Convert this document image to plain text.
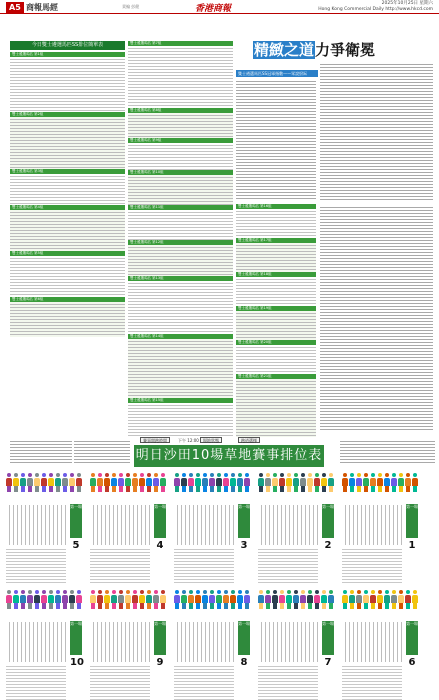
A5 商報馬經	責編 彭健	香港商報
2025年10月25日 星期六
Hong Kong Commercial Daily http://www.hkcd.com
今日雙士遴選馬匹SS排位簡單表
雙士遴選馬匹 第1組
雙士遴選馬匹 第2組
雙士遴選馬匹 第3組
雙士遴選馬匹 第4組
雙士遴選馬匹 第5組
雙士遴選馬匹 第6組
雙士遴選馬匹 第7組
雙士遴選馬匹 第8組
雙士遴選馬匹 第9組
雙士遴選馬匹 第10組
雙士遴選馬匹 第11組
雙士遴選馬匹 第12組
雙士遴選馬匹 第13組
雙士遴選馬匹 第14組
雙士遴選馬匹 第15組
精緻之道力爭衛冕
雙士遴選馬匹SS冠軍指數——眾說紛紜
雙士遴選馬匹 第16組
雙士遴選馬匹 第17組
雙士遴選馬匹 第18組
雙士遴選馬匹 第19組
雙士遴選馬匹 第20組
雙士遴選馬匹 第21組
賽事開跑時間	下午 12:00	場地狀態	跑道選擇
明日沙田10場草地賽事排位表
第一場
5
第一場
4
第一場
3
第一場
2
第一場
1
第一場
10
第一場
9
第一場
8
第一場
7
第一場
6
